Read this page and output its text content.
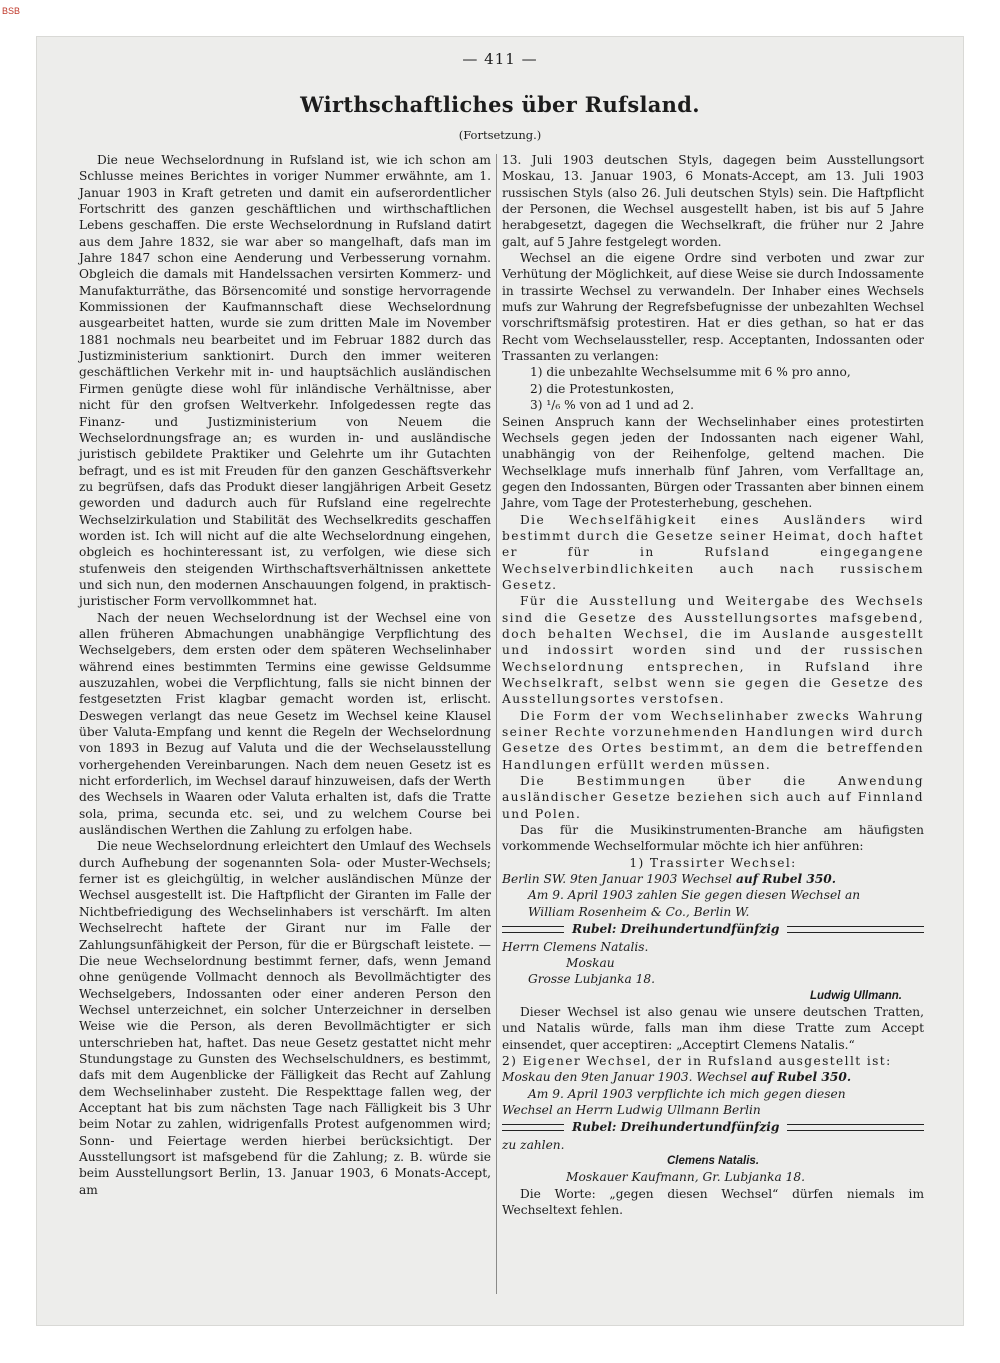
BSB
— 411 —
Wirthschaftliches über Rufsland.
(Fortsetzung.)

Die neue Wechselordnung in Rufsland ist, wie ich schon am Schlusse meines Berichtes in voriger Nummer erwähnte, am 1. Januar 1903 in Kraft getreten und damit ein aufserordentlicher Fortschritt des ganzen geschäftlichen und wirthschaftlichen Lebens geschaffen. Die erste Wechselordnung in Rufsland datirt aus dem Jahre 1832, sie war aber so mangelhaft, dafs man im Jahre 1847 schon eine Aenderung und Verbesserung vornahm. Obgleich die damals mit Handelssachen versirten Kommerz- und Manufakturräthe, das Börsencomité und sonstige hervorragende Kommissionen der Kaufmannschaft diese Wechselordnung ausgearbeitet hatten, wurde sie zum dritten Male im November 1881 nochmals neu bearbeitet und im Februar 1882 durch das Justizministerium sanktionirt. Durch den immer weiteren geschäftlichen Verkehr mit in- und hauptsächlich ausländischen Firmen genügte diese wohl für inländische Verhältnisse, aber nicht für den grofsen Weltverkehr. Infolgedessen regte das Finanz- und Justizministerium von Neuem die Wechselordnungsfrage an; es wurden in- und ausländische juristisch gebildete Praktiker und Gelehrte um ihr Gutachten befragt, und es ist mit Freuden für den ganzen Geschäftsverkehr zu begrüfsen, dafs das Produkt dieser langjährigen Arbeit Gesetz geworden und dadurch auch für Rufsland eine regelrechte Wechselzirkulation und Stabilität des Wechselkredits geschaffen worden ist. Ich will nicht auf die alte Wechselordnung eingehen, obgleich es hochinteressant ist, zu verfolgen, wie diese sich stufenweis den steigenden Wirthschaftsverhältnissen ankettete und sich nun, den modernen Anschauungen folgend, in praktisch-juristischer Form vervollkommnet hat.

Nach der neuen Wechselordnung ist der Wechsel eine von allen früheren Abmachungen unabhängige Verpflichtung des Wechselgebers, dem ersten oder dem späteren Wechselinhaber während eines bestimmten Termins eine gewisse Geldsumme auszuzahlen, wobei die Verpflichtung, falls sie nicht binnen der festgesetzten Frist klagbar gemacht worden ist, erlischt. Deswegen verlangt das neue Gesetz im Wechsel keine Klausel über Valuta-Empfang und kennt die Regeln der Wechselordnung von 1893 in Bezug auf Valuta und die der Wechselausstellung vorhergehenden Vereinbarungen. Nach dem neuen Gesetz ist es nicht erforderlich, im Wechsel darauf hinzuweisen, dafs der Werth des Wechsels in Waaren oder Valuta erhalten ist, dafs die Tratte sola, prima, secunda etc. sei, und zu welchem Course bei ausländischen Werthen die Zahlung zu erfolgen habe.

Die neue Wechselordnung erleichtert den Umlauf des Wechsels durch Aufhebung der sogenannten Sola- oder Muster-Wechsels; ferner ist es gleichgültig, in welcher ausländischen Münze der Wechsel ausgestellt ist. Die Haftpflicht der Giranten im Falle der Nichtbefriedigung des Wechselinhabers ist verschärft. Im alten Wechselrecht haftete der Girant nur im Falle der Zahlungsunfähigkeit der Person, für die er Bürgschaft leistete. — Die neue Wechselordnung bestimmt ferner, dafs, wenn Jemand ohne genügende Vollmacht dennoch als Bevollmächtigter des Wechselgebers, Indossanten oder einer anderen Person den Wechsel unterzeichnet, ein solcher Unterzeichner in derselben Weise wie die Person, als deren Bevollmächtigter er sich unterschrieben hat, haftet. Das neue Gesetz gestattet nicht mehr Stundungstage zu Gunsten des Wechselschuldners, es bestimmt, dafs mit dem Augenblicke der Fälligkeit das Recht auf Zahlung dem Wechselinhaber zusteht. Die Respekttage fallen weg, der Acceptant hat bis zum nächsten Tage nach Fälligkeit bis 3 Uhr beim Notar zu zahlen, widrigenfalls Protest aufgenommen wird; Sonn- und Feiertage werden hierbei berücksichtigt. Der Ausstellungsort ist mafsgebend für die Zahlung; z. B. würde sie beim Ausstellungsort Berlin, 13. Januar 1903, 6 Monats-Accept, am

13. Juli 1903 deutschen Styls, dagegen beim Ausstellungsort Moskau, 13. Januar 1903, 6 Monats-Accept, am 13. Juli 1903 russischen Styls (also 26. Juli deutschen Styls) sein. Die Haftpflicht der Personen, die Wechsel ausgestellt haben, ist bis auf 5 Jahre herabgesetzt, dagegen die Wechselkraft, die früher nur 2 Jahre galt, auf 5 Jahre festgelegt worden.

Wechsel an die eigene Ordre sind verboten und zwar zur Verhütung der Möglichkeit, auf diese Weise sie durch Indossamente in trassirte Wechsel zu verwandeln. Der Inhaber eines Wechsels mufs zur Wahrung der Regrefsbefugnisse der unbezahlten Wechsel vorschriftsmäfsig protestiren. Hat er dies gethan, so hat er das Recht vom Wechselaussteller, resp. Acceptanten, Indossanten oder Trassanten zu verlangen:

1) die unbezahlte Wechselsumme mit 6 % pro anno,

2) die Protestunkosten,

3) ¹/₆ % von ad 1 und ad 2.

Seinen Anspruch kann der Wechselinhaber eines protestirten Wechsels gegen jeden der Indossanten nach eigener Wahl, unabhängig von der Reihenfolge, geltend machen. Die Wechselklage mufs innerhalb fünf Jahren, vom Verfalltage an, gegen den Indossanten, Bürgen oder Trassanten aber binnen einem Jahre, vom Tage der Protesterhebung, geschehen.

Die Wechselfähigkeit eines Ausländers wird bestimmt durch die Gesetze seiner Heimat, doch haftet er für in Rufsland eingegangene Wechselverbindlichkeiten auch nach russischem Gesetz.

Für die Ausstellung und Weitergabe des Wechsels sind die Gesetze des Ausstellungsortes mafsgebend, doch behalten Wechsel, die im Auslande ausgestellt und indossirt worden sind und der russischen Wechselordnung entsprechen, in Rufsland ihre Wechselkraft, selbst wenn sie gegen die Gesetze des Ausstellungsortes verstofsen.

Die Form der vom Wechselinhaber zwecks Wahrung seiner Rechte vorzunehmenden Handlungen wird durch Gesetze des Ortes bestimmt, an dem die betreffenden Handlungen erfüllt werden müssen.

Die Bestimmungen über die Anwendung ausländischer Gesetze beziehen sich auch auf Finnland und Polen.

Das für die Musikinstrumenten-Branche am häufigsten vorkommende Wechselformular möchte ich hier anführen:

1) Trassirter Wechsel:

Berlin SW. 9ten Januar 1903 Wechsel auf Rubel 350.

Am 9. April 1903 zahlen Sie gegen diesen Wechsel an

William Rosenheim & Co., Berlin W.

Rubel: Dreihundertundfünfzig

Herrn Clemens Natalis.

Moskau

Grosse Lubjanka 18.

Ludwig Ullmann.

Dieser Wechsel ist also genau wie unsere deutschen Tratten, und Natalis würde, falls man ihm diese Tratte zum Accept einsendet, quer acceptiren: „Acceptirt Clemens Natalis.“

2) Eigener Wechsel, der in Rufsland ausgestellt ist:

Moskau den 9ten Januar 1903. Wechsel auf Rubel 350.

Am 9. April 1903 verpflichte ich mich gegen diesen

Wechsel an Herrn Ludwig Ullmann Berlin

Rubel: Dreihundertundfünfzig

zu zahlen.

Clemens Natalis.

Moskauer Kaufmann, Gr. Lubjanka 18.

Die Worte: „gegen diesen Wechsel“ dürfen niemals im Wechseltext fehlen.
